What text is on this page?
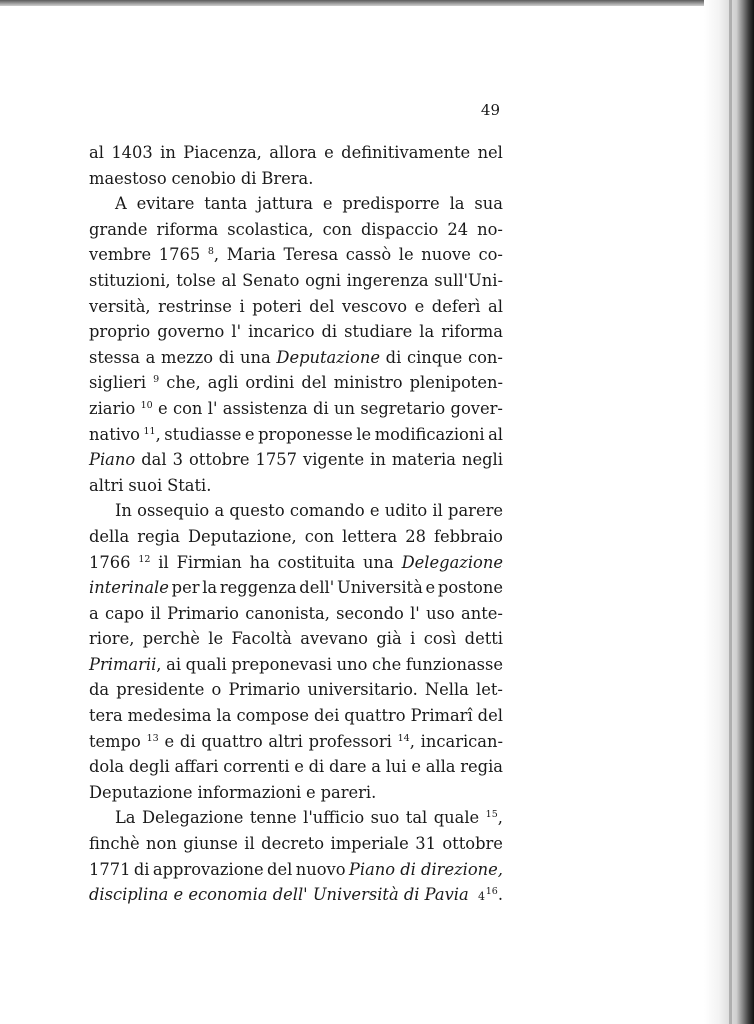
49
al 1403 in Piacenza, allora e definitivamente nel
maestoso cenobio di Brera.
A evitare tanta jattura e predisporre la sua
grande riforma scolastica, con dispaccio 24 no-
vembre 1765 $^8$, Maria Teresa cassò le nuove co-
stituzioni, tolse al Senato ogni ingerenza sull'Uni-
versità, restrinse i poteri del vescovo e deferì al
proprio governo l' incarico di studiare la riforma
stessa a mezzo di una Deputazione di cinque con-
siglieri $^9$ che, agli ordini del ministro plenipoten-
ziario $^{10}$ e con l' assistenza di un segretario gover-
nativo $^{11}$, studiasse e proponesse le modificazioni al
Piano dal 3 ottobre 1757 vigente in materia negli
altri suoi Stati.
In ossequio a questo comando e udito il parere
della regia Deputazione, con lettera 28 febbraio
1766 $^{12}$ il Firmian ha costituita una Delegazione
interinale per la reggenza dell' Università e postone
a capo il Primario canonista, secondo l' uso ante-
riore, perchè le Facoltà avevano già i così detti
Primarii, ai quali preponevasi uno che funzionasse
da presidente o Primario universitario. Nella let-
tera medesima la compose dei quattro Primarî del
tempo $^{13}$ e di quattro altri professori $^{14}$, incarican-
dola degli affari correnti e di dare a lui e alla regia
Deputazione informazioni e pareri.
La Delegazione tenne l'ufficio suo tal quale $^{15}$,
finchè non giunse il decreto imperiale 31 ottobre
1771 di approvazione del nuovo Piano di direzione,
disciplina e economia dell' Università di Pavia $^{16}$.
4
